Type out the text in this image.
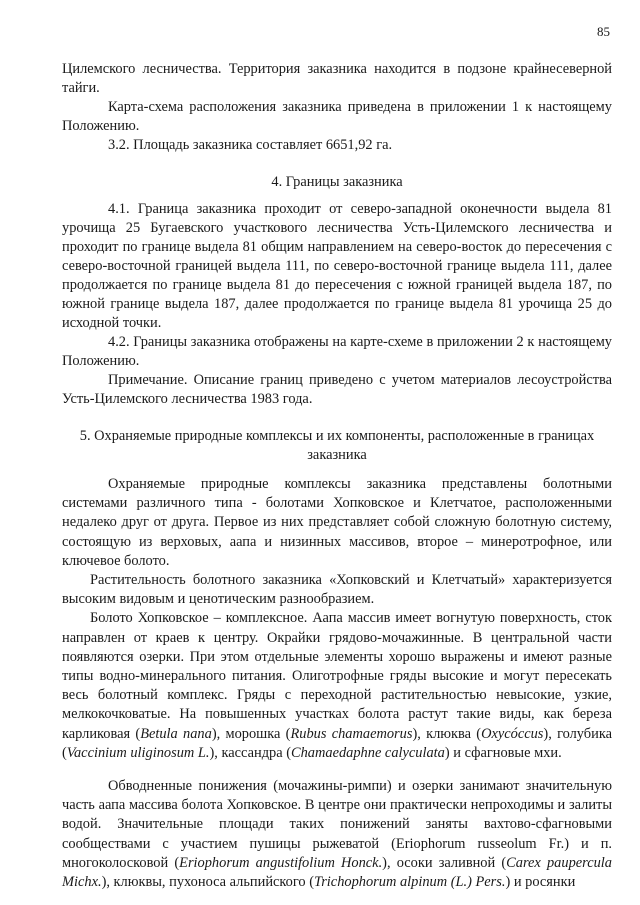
85

Цилемского лесничества. Территория заказника находится в подзоне крайнесеверной тайги.

Карта-схема расположения заказника приведена в приложении 1 к настоящему Положению.

3.2. Площадь заказника составляет 6651,92 га.

4. Границы заказника

4.1. Граница заказника проходит от северо-западной оконечности выдела 81 урочища 25 Бугаевского участкового лесничества Усть-Цилемского лесничества и проходит по границе выдела 81 общим направлением на северо-восток до пересечения с северо-восточной границей выдела 111, по северо-восточной границе выдела 111, далее продолжается по границе выдела 81 до пересечения с южной границей выдела 187, по южной границе выдела 187, далее продолжается по границе выдела 81 урочища 25 до исходной точки.

4.2. Границы заказника отображены на карте-схеме в приложении 2 к настоящему Положению.

Примечание. Описание границ приведено с учетом материалов лесоустройства Усть-Цилемского лесничества 1983 года.

5. Охраняемые природные комплексы и их компоненты, расположенные в границах
заказника

Охраняемые природные комплексы заказника представлены болотными системами различного типа - болотами Хопковское и Клетчатое, расположенными недалеко друг от друга. Первое из них представляет собой сложную болотную систему, состоящую из верховых, аапа и низинных массивов, второе – минеротрофное, или ключевое болото.

Растительность болотного заказника «Хопковский и Клетчатый» характеризуется высоким видовым и ценотическим разнообразием.

Болото Хопковское – комплексное. Аапа массив имеет вогнутую поверхность, сток направлен от краев к центру. Окрайки грядово-мочажинные. В центральной части появляются озерки. При этом отдельные элементы хорошо выражены и имеют разные типы водно-минерального питания. Олиготрофные гряды высокие и могут пересекать весь болотный комплекс. Гряды с переходной растительностью невысокие, узкие, мелкокочковатые. На повышенных участках болота растут такие виды, как береза карликовая (Betula nana), морошка (Rubus chamaemorus), клюква (Oxycóccus), голубика (Vaccinium uliginosum L.), кассандра (Chamaedaphne calyculata) и сфагновые мхи.

Обводненные понижения (мочажины-римпи) и озерки занимают значительную часть аапа массива болота Хопковское. В центре они практически непроходимы и залиты водой. Значительные площади таких понижений заняты вахтово-сфагновыми сообществами с участием пушицы рыжеватой (Eriophorum russeolum Fr.) и п. многоколосковой (Eriophorum angustifolium Honck.), осоки заливной (Carex paupercula Michx.), клюквы, пухоноса альпийского (Trichophorum alpinum (L.) Pers.) и росянки
